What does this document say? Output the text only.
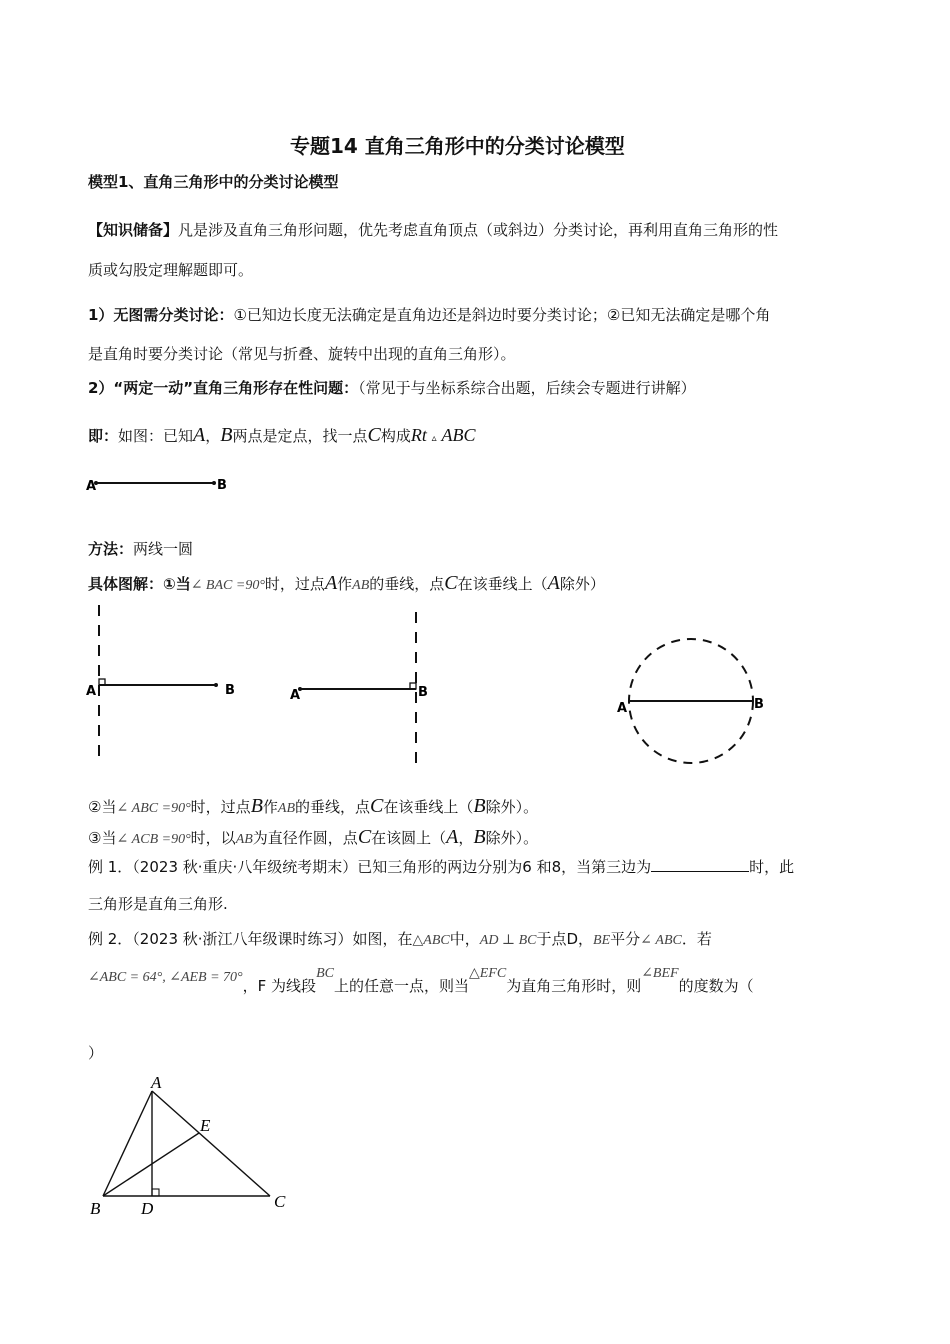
专题14 直角三角形中的分类讨论模型
模型1、直角三角形中的分类讨论模型
【知识储备】凡是涉及直角三角形问题，优先考虑直角顶点（或斜边）分类讨论，再利用直角三角形的性
质或勾股定理解题即可。
1）无图需分类讨论：①已知边长度无法确定是直角边还是斜边时要分类讨论；②已知无法确定是哪个角
是直角时要分类讨论（常见与折叠、旋转中出现的直角三角形）。
2）“两定一动”直角三角形存在性问题：（常见于与坐标系综合出题，后续会专题进行讲解）
即：如图：已知A，B两点是定点，找一点C构成Rt ▵ ABC
A	B
方法：两线一圆
具体图解：①当∠ BAC =90°时，过点A作AB的垂线，点C在该垂线上（A除外）
A	B	A	B
A	B
②当∠ ABC =90°时，过点B作AB的垂线，点C在该垂线上（B除外）。
③当∠ ACB =90°时，以AB为直径作圆，点C在该圆上（A，B除外）。
例 1．（2023 秋·重庆·八年级统考期末）已知三角形的两边分别为6 和8，当第三边为	时，此
三角形是直角三角形.
例 2．（2023 秋·浙江八年级课时练习）如图，在△ABC中，AD ⊥ BC于点D，BE平分∠ ABC．若
∠ABC = 64°, ∠AEB = 70°，F 为线段BC上的任意一点，则当△EFC为直角三角形时，则∠BEF的度数为（
）
A
E
B D	C
